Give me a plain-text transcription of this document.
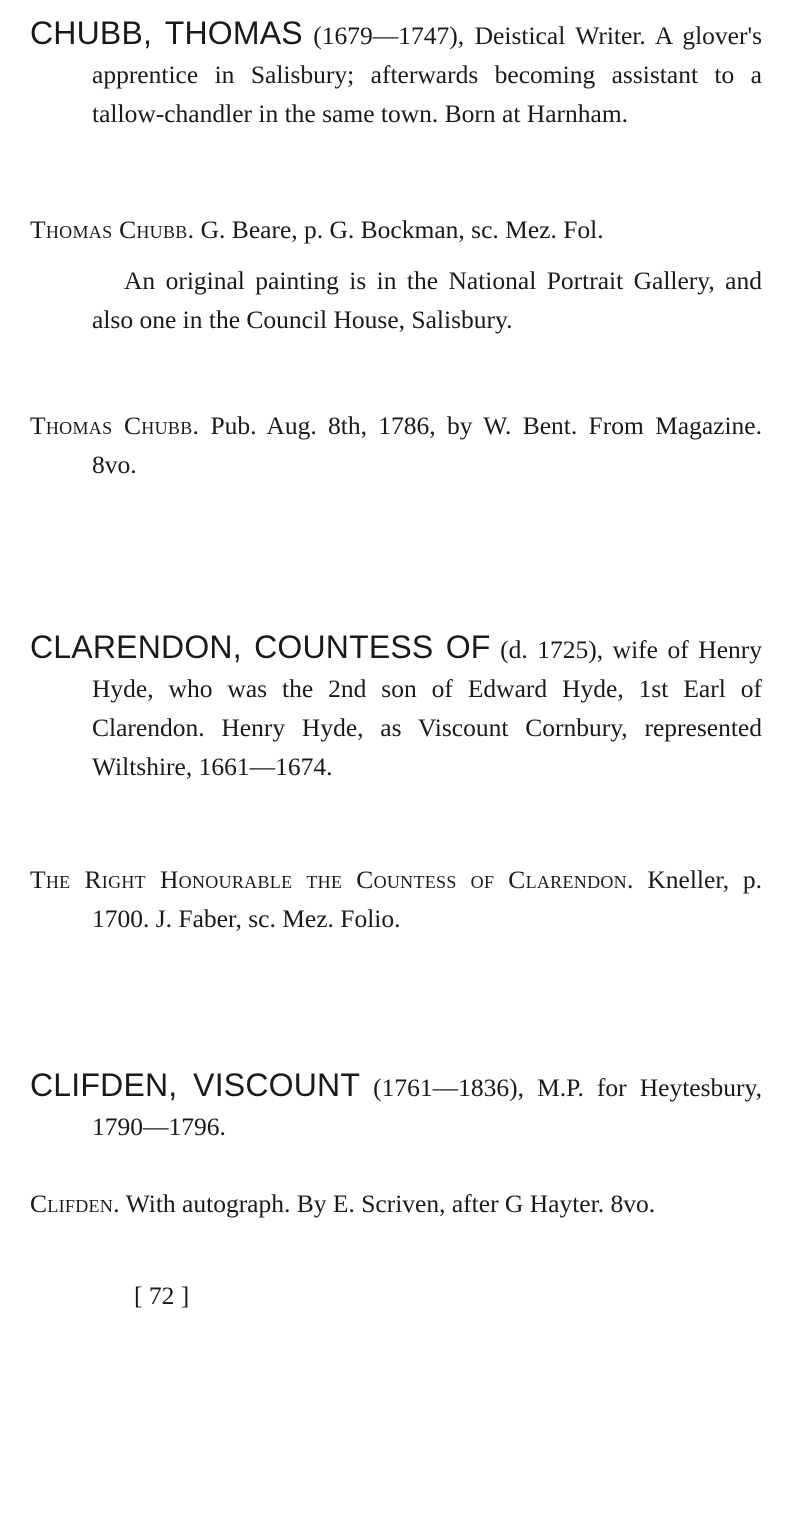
CHUBB, THOMAS (1679—1747), Deistical Writer. A glover's apprentice in Salisbury; afterwards becoming assistant to a tallow-chandler in the same town. Born at Harnham.

Thomas Chubb. G. Beare, p. G. Bockman, sc. Mez. Fol.

An original painting is in the National Portrait Gallery, and also one in the Council House, Salisbury.

Thomas Chubb. Pub. Aug. 8th, 1786, by W. Bent. From Magazine. 8vo.

CLARENDON, COUNTESS OF (d. 1725), wife of Henry Hyde, who was the 2nd son of Edward Hyde, 1st Earl of Clarendon. Henry Hyde, as Viscount Cornbury, represented Wiltshire, 1661—1674.

The Right Honourable the Countess of Clarendon. Kneller, p. 1700. J. Faber, sc. Mez. Folio.

CLIFDEN, VISCOUNT (1761—1836), M.P. for Heytesbury, 1790—1796.

Clifden. With autograph. By E. Scriven, after G Hayter. 8vo.

[ 72 ]
